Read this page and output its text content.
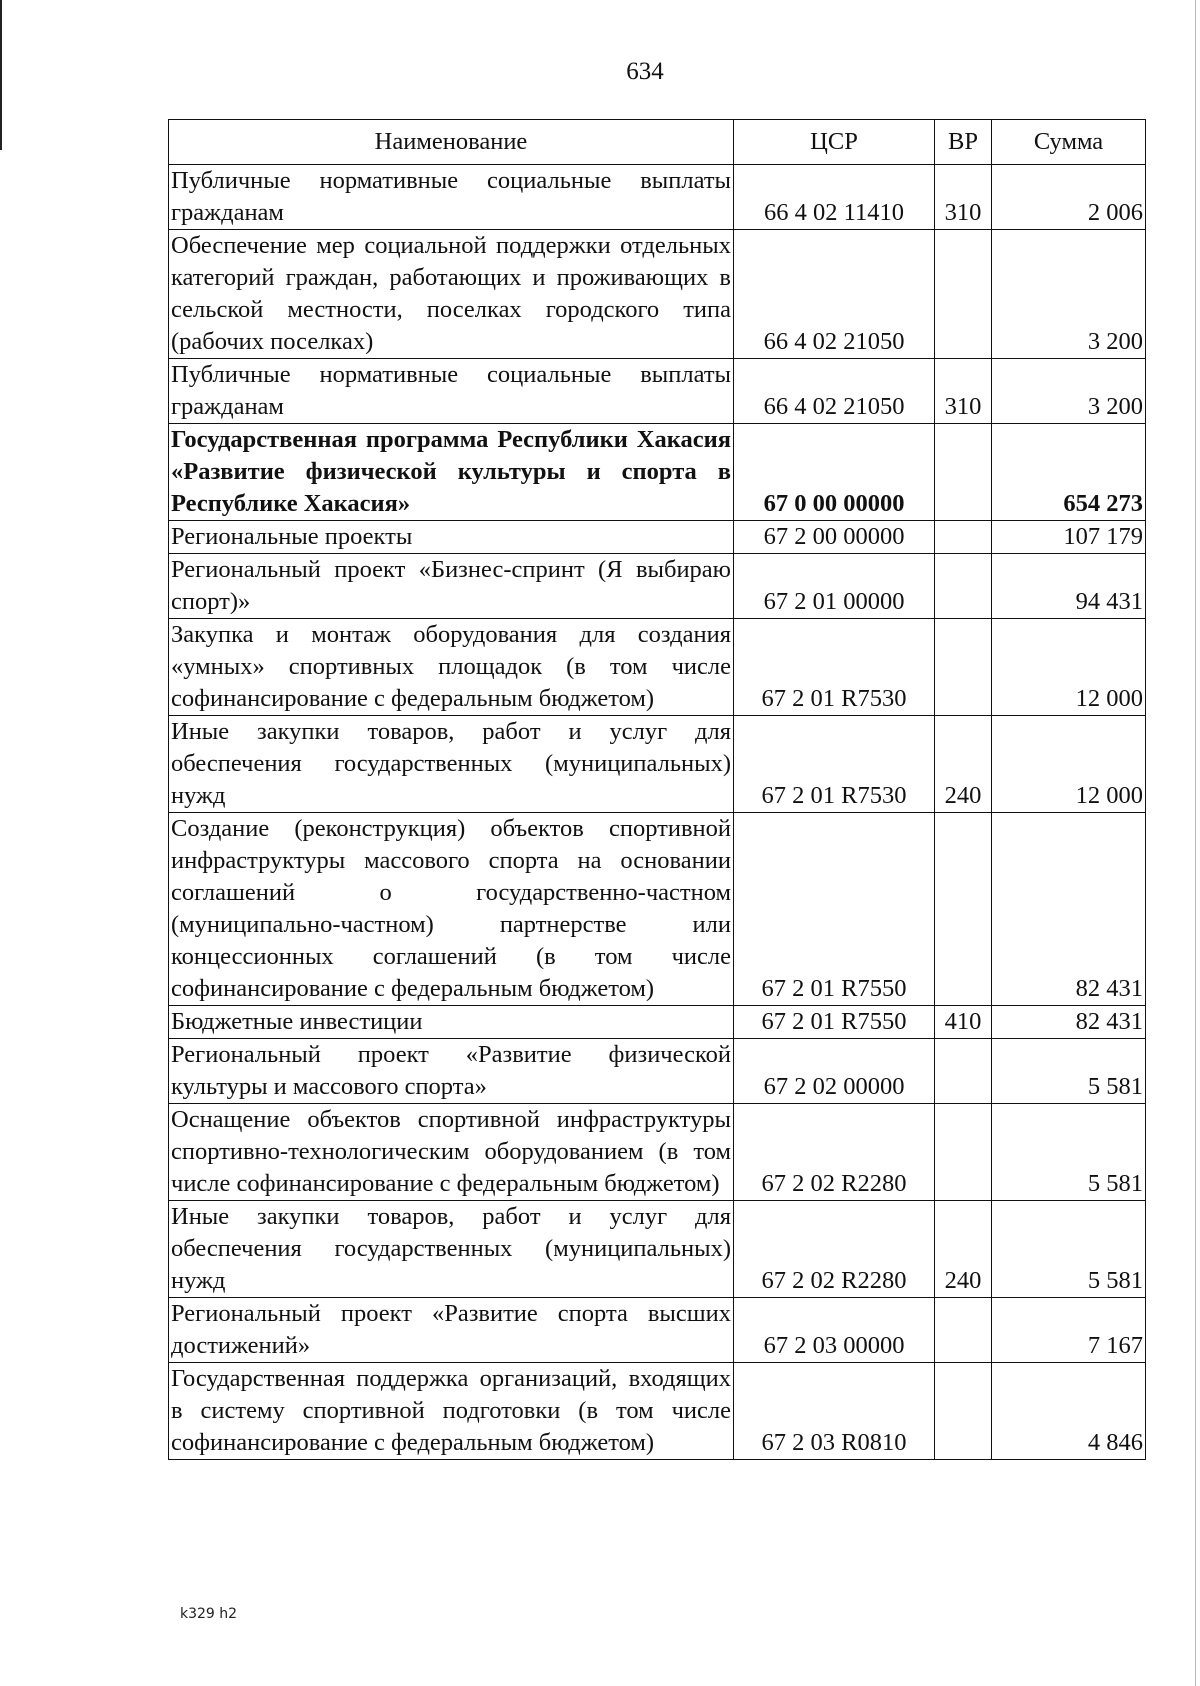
634
Наименование	ЦСР	ВР	Сумма
Публичные нормативные социальные выплаты гражданам	66 4 02 11410	310	2 006
Обеспечение мер социальной поддержки отдельных категорий граждан, работающих и проживающих в сельской местности, поселках городского типа (рабочих поселках)	66 4 02 21050		3 200
Публичные нормативные социальные выплаты гражданам	66 4 02 21050	310	3 200
Государственная программа Республики Хакасия «Развитие физической культуры и спорта в Республике Хакасия»	67 0 00 00000		654 273
Региональные проекты	67 2 00 00000		107 179
Региональный проект «Бизнес-спринт (Я выбираю спорт)»	67 2 01 00000		94 431
Закупка и монтаж оборудования для создания «умных» спортивных площадок (в том числе софинансирование с федеральным бюджетом)	67 2 01 R7530		12 000
Иные закупки товаров, работ и услуг для обеспечения государственных (муниципальных) нужд	67 2 01 R7530	240	12 000
Создание (реконструкция) объектов спортивной инфраструктуры массового спорта на основании соглашений о государственно-частном (муниципально-частном) партнерстве или концессионных соглашений (в том числе софинансирование с федеральным бюджетом)	67 2 01 R7550		82 431
Бюджетные инвестиции	67 2 01 R7550	410	82 431
Региональный проект «Развитие физической культуры и массового спорта»	67 2 02 00000		5 581
Оснащение объектов спортивной инфраструктуры спортивно-технологическим оборудованием (в том числе софинансирование с федеральным бюджетом)	67 2 02 R2280		5 581
Иные закупки товаров, работ и услуг для обеспечения государственных (муниципальных) нужд	67 2 02 R2280	240	5 581
Региональный проект «Развитие спорта высших достижений»	67 2 03 00000		7 167
Государственная поддержка организаций, входящих в систему спортивной подготовки (в том числе софинансирование с федеральным бюджетом)	67 2 03 R0810		4 846
k329 h2
